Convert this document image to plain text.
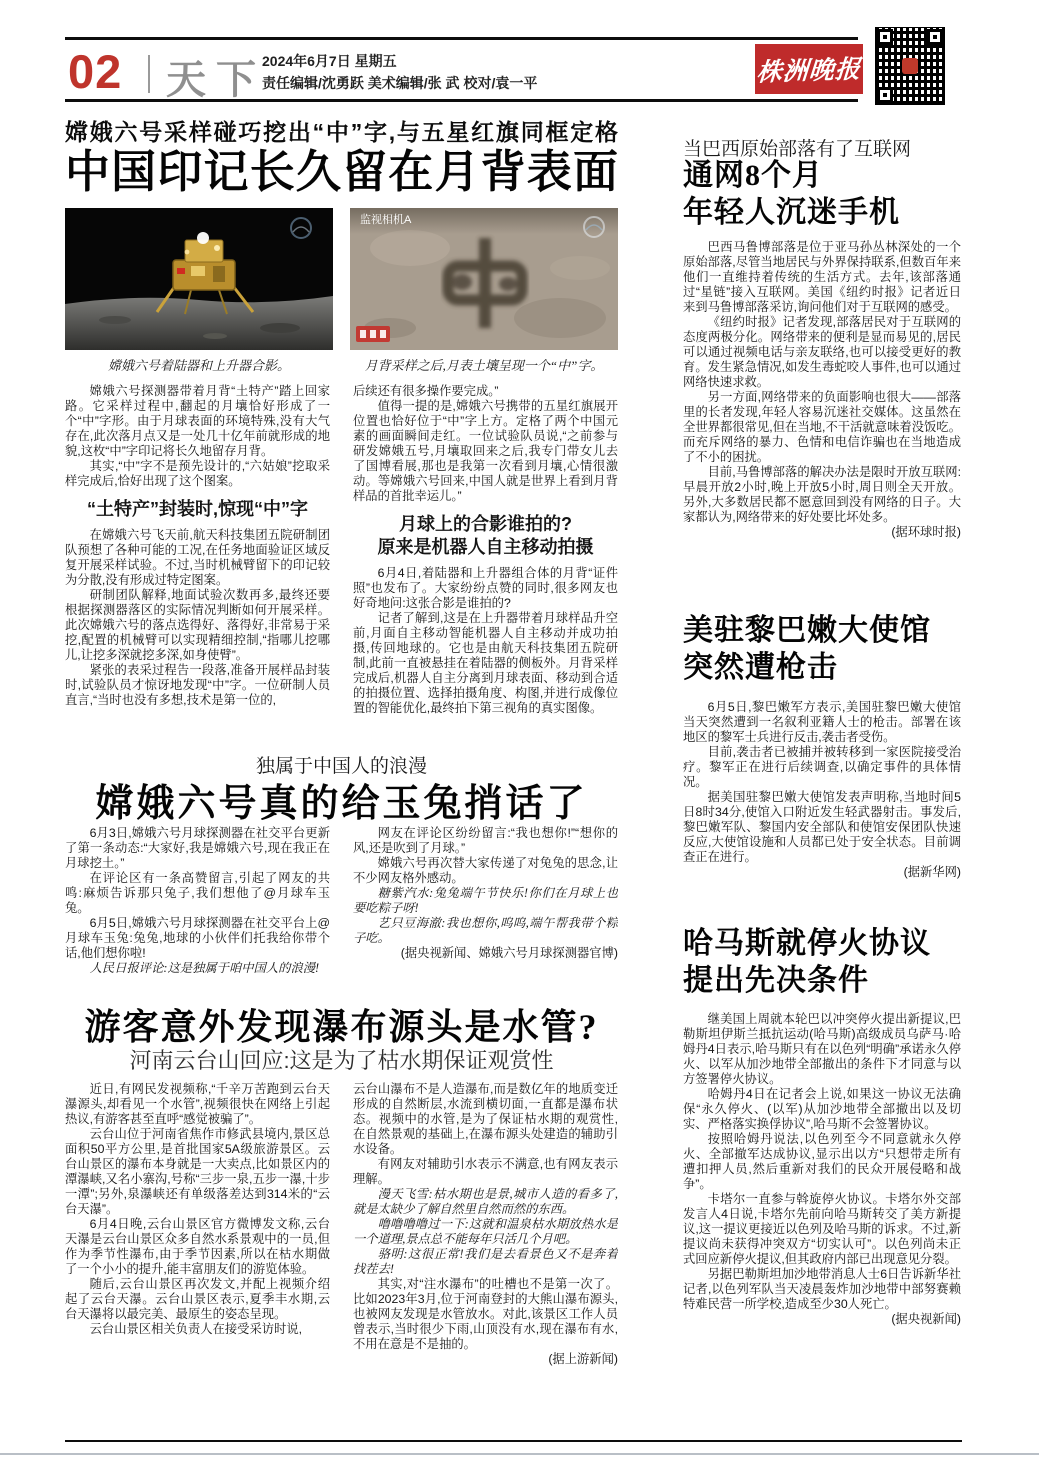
02 天下
2024年6月7日 星期五
责任编辑/沈勇跃 美术编辑/张 武 校对/袁一平	株洲晚报
嫦娥六号采样碰巧挖出“中”字,与五星红旗同框定格
中国印记长久留在月背表面
监视相机A
嫦娥六号着陆器和上升器合影。	月背采样之后,月表土壤呈现一个“中”字。

嫦娥六号探测器带着月背“土特产”踏上回家路。它采样过程中,翻起的月壤恰好形成了一个“中”字形。由于月球表面的环境特殊,没有大气存在,此次落月点又是一处几十亿年前就形成的地貌,这枚“中”字印记将长久地留存月背。

其实,“中”字不是预先设计的,“六姑娘”挖取采样完成后,恰好出现了这个图案。

“土特产”封装时,惊现“中”字

在嫦娥六号飞天前,航天科技集团五院研制团队预想了各种可能的工况,在任务地面验证区域反复开展采样试验。不过,当时机械臂留下的印记较为分散,没有形成过特定图案。

研制团队解释,地面试验次数再多,最终还要根据探测器落区的实际情况判断如何开展采样。此次嫦娥六号的落点选得好、落得好,非常易于采挖,配置的机械臂可以实现精细控制,“指哪儿挖哪儿,让挖多深就挖多深,如身使臂”。

紧张的表采过程告一段落,准备开展样品封装时,试验队员才惊讶地发现“中”字。一位研制人员直言,“当时也没有多想,技术是第一位的,

后续还有很多操作要完成。”

值得一提的是,嫦娥六号携带的五星红旗展开位置也恰好位于“中”字上方。定格了两个中国元素的画面瞬间走红。一位试验队员说,“之前参与研发嫦娥五号,月壤取回来之后,我专门带女儿去了国博看展,那也是我第一次看到月壤,心情很激动。等嫦娥六号回来,中国人就是世界上看到月背样品的首批幸运儿。”

月球上的合影谁拍的?
原来是机器人自主移动拍摄

6月4日,着陆器和上升器组合体的月背“证件照”也发布了。大家纷纷点赞的同时,很多网友也好奇地问:这张合影是谁拍的?

记者了解到,这是在上升器带着月球样品升空前,月面自主移动智能机器人自主移动并成功拍摄,传回地球的。它也是由航天科技集团五院研制,此前一直被悬挂在着陆器的侧板外。月背采样完成后,机器人自主分离到月球表面、移动到合适的拍摄位置、选择拍摄角度、构图,并进行成像位置的智能优化,最终拍下第三视角的真实图像。

独属于中国人的浪漫
嫦娥六号真的给玉兔捎话了

6月3日,嫦娥六号月球探测器在社交平台更新了第一条动态:“大家好,我是嫦娥六号,现在我正在月球挖土。”

在评论区有一条高赞留言,引起了网友的共鸣:麻烦告诉那只兔子,我们想他了@月球车玉兔。

6月5日,嫦娥六号月球探测器在社交平台上@月球车玉兔:兔兔,地球的小伙伴们托我给你带个话,他们想你啦!

人民日报评论:这是独属于咱中国人的浪漫!

网友在评论区纷纷留言:“我也想你!”“想你的风,还是吹到了月球。”

嫦娥六号再次替大家传递了对兔兔的思念,让不少网友格外感动。

糖紫汽水:兔兔端午节快乐!你们在月球上也要吃粽子呀!

艺只豆海澈:我也想你,呜呜,端午帮我带个粽子吃。

(据央视新闻、嫦娥六号月球探测器官博)

游客意外发现瀑布源头是水管?
河南云台山回应:这是为了枯水期保证观赏性

近日,有网民发视频称,“千辛万苦跑到云台天瀑源头,却看见一个水管”,视频很快在网络上引起热议,有游客甚至直呼“感觉被骗了”。

云台山位于河南省焦作市修武县境内,景区总面积50平方公里,是首批国家5A级旅游景区。云台山景区的瀑布本身就是一大卖点,比如景区内的潭瀑峡,又名小寨沟,号称“三步一泉,五步一瀑,十步一潭”;另外,泉瀑峡还有单级落差达到314米的“云台天瀑”。

6月4日晚,云台山景区官方微博发文称,云台天瀑是云台山景区众多自然水系景观中的一员,但作为季节性瀑布,由于季节因素,所以在枯水期做了一个小小的提升,能丰富朋友们的游览体验。

随后,云台山景区再次发文,并配上视频介绍起了云台天瀑。云台山景区表示,夏季丰水期,云台天瀑将以最完美、最原生的姿态呈现。

云台山景区相关负责人在接受采访时说,

云台山瀑布不是人造瀑布,而是数亿年的地质变迁形成的自然断层,水流到横切面,一直都是瀑布状态。视频中的水管,是为了保证枯水期的观赏性,在自然景观的基础上,在瀑布源头处建造的辅助引水设备。

有网友对辅助引水表示不满意,也有网友表示理解。

漫天飞雪:枯水期也是景,城市人造的看多了,就是太缺少了解自然里自然而然的东西。

噜噜噜噜过一下:这就和温泉枯水期放热水是一个道理,景点总不能每年只活几个月吧。

骆明:这很正常!我们是去看景色又不是奔着找茬去!

其实,对“注水瀑布”的吐槽也不是第一次了。比如2023年3月,位于河南登封的大熊山瀑布源头,也被网友发现是水管放水。对此,该景区工作人员曾表示,当时很少下雨,山顶没有水,现在瀑布有水,不用在意是不是抽的。

(据上游新闻)

当巴西原始部落有了互联网
通网8个月
年轻人沉迷手机

巴西马鲁博部落是位于亚马孙丛林深处的一个原始部落,尽管当地居民与外界保持联系,但数百年来他们一直维持着传统的生活方式。去年,该部落通过“星链”接入互联网。美国《纽约时报》记者近日来到马鲁博部落采访,询问他们对于互联网的感受。

《纽约时报》记者发现,部落居民对于互联网的态度两极分化。网络带来的便利是显而易见的,居民可以通过视频电话与亲友联络,也可以接受更好的教育。发生紧急情况,如发生毒蛇咬人事件,也可以通过网络快速求救。

另一方面,网络带来的负面影响也很大——部落里的长者发现,年轻人容易沉迷社交媒体。这虽然在全世界都很常见,但在当地,不干活就意味着没饭吃。而充斥网络的暴力、色情和电信诈骗也在当地造成了不小的困扰。

目前,马鲁博部落的解决办法是限时开放互联网:早晨开放2小时,晚上开放5小时,周日则全天开放。另外,大多数居民都不愿意回到没有网络的日子。大家都认为,网络带来的好处要比坏处多。

(据环球时报)

美驻黎巴嫩大使馆
突然遭枪击

6月5日,黎巴嫩军方表示,美国驻黎巴嫩大使馆当天突然遭到一名叙利亚籍人士的枪击。部署在该地区的黎军士兵进行反击,袭击者受伤。

目前,袭击者已被捕并被转移到一家医院接受治疗。黎军正在进行后续调查,以确定事件的具体情况。

据美国驻黎巴嫩大使馆发表声明称,当地时间5日8时34分,使馆入口附近发生轻武器射击。事发后,黎巴嫩军队、黎国内安全部队和使馆安保团队快速反应,大使馆设施和人员都已处于安全状态。目前调查正在进行。

(据新华网)

哈马斯就停火协议
提出先决条件

继美国上周就本轮巴以冲突停火提出新提议,巴勒斯坦伊斯兰抵抗运动(哈马斯)高级成员乌萨马·哈姆丹4日表示,哈马斯只有在以色列“明确”承诺永久停火、以军从加沙地带全部撤出的条件下才同意与以方签署停火协议。

哈姆丹4日在记者会上说,如果这一协议无法确保“永久停火、(以军)从加沙地带全部撤出以及切实、严格落实换俘协议”,哈马斯不会签署协议。

按照哈姆丹说法,以色列至今不同意就永久停火、全部撤军达成协议,显示出以方“只想带走所有遭扣押人员,然后重新对我们的民众开展侵略和战争”。

卡塔尔一直参与斡旋停火协议。卡塔尔外交部发言人4日说,卡塔尔先前向哈马斯转交了美方新提议,这一提议更接近以色列及哈马斯的诉求。不过,新提议尚未获得冲突双方“切实认可”。以色列尚未正式回应新停火提议,但其政府内部已出现意见分裂。

另据巴勒斯坦加沙地带消息人士6日告诉新华社记者,以色列军队当天凌晨轰炸加沙地带中部努赛赖特难民营一所学校,造成至少30人死亡。

(据央视新闻)
